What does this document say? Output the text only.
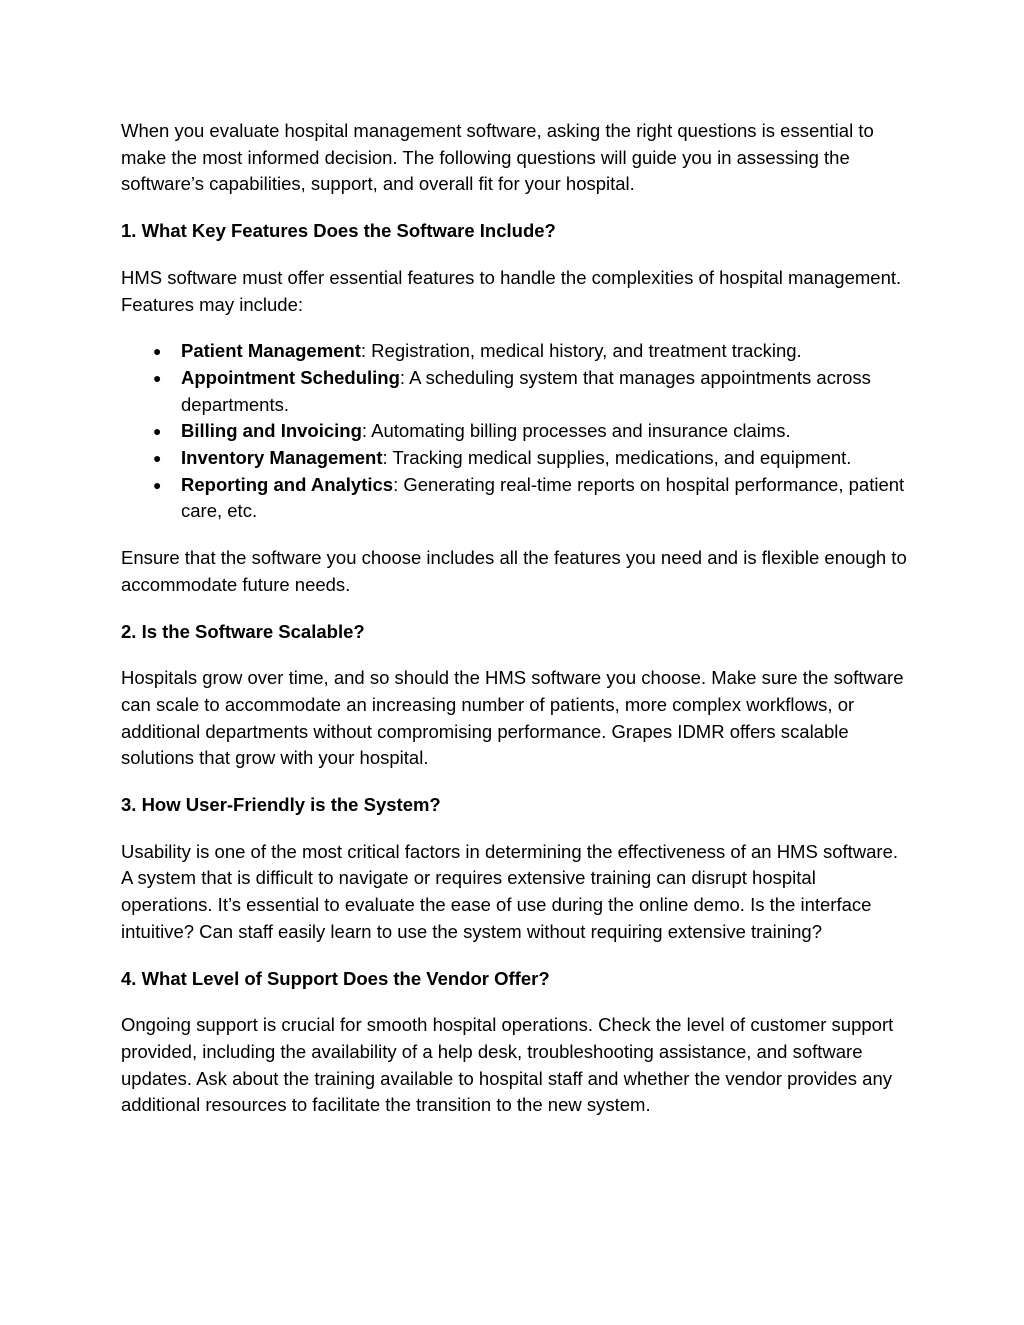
When you evaluate hospital management software, asking the right questions is essential to make the most informed decision. The following questions will guide you in assessing the software’s capabilities, support, and overall fit for your hospital.

1. What Key Features Does the Software Include?

HMS software must offer essential features to handle the complexities of hospital management. Features may include:

● Patient Management: Registration, medical history, and treatment tracking.
● Appointment Scheduling: A scheduling system that manages appointments across departments.
● Billing and Invoicing: Automating billing processes and insurance claims.
● Inventory Management: Tracking medical supplies, medications, and equipment.
● Reporting and Analytics: Generating real-time reports on hospital performance, patient care, etc.

Ensure that the software you choose includes all the features you need and is flexible enough to accommodate future needs.

2. Is the Software Scalable?

Hospitals grow over time, and so should the HMS software you choose. Make sure the software can scale to accommodate an increasing number of patients, more complex workflows, or additional departments without compromising performance. Grapes IDMR offers scalable solutions that grow with your hospital.

3. How User-Friendly is the System?

Usability is one of the most critical factors in determining the effectiveness of an HMS software. A system that is difficult to navigate or requires extensive training can disrupt hospital operations. It’s essential to evaluate the ease of use during the online demo. Is the interface intuitive? Can staff easily learn to use the system without requiring extensive training?

4. What Level of Support Does the Vendor Offer?

Ongoing support is crucial for smooth hospital operations. Check the level of customer support provided, including the availability of a help desk, troubleshooting assistance, and software updates. Ask about the training available to hospital staff and whether the vendor provides any additional resources to facilitate the transition to the new system.
